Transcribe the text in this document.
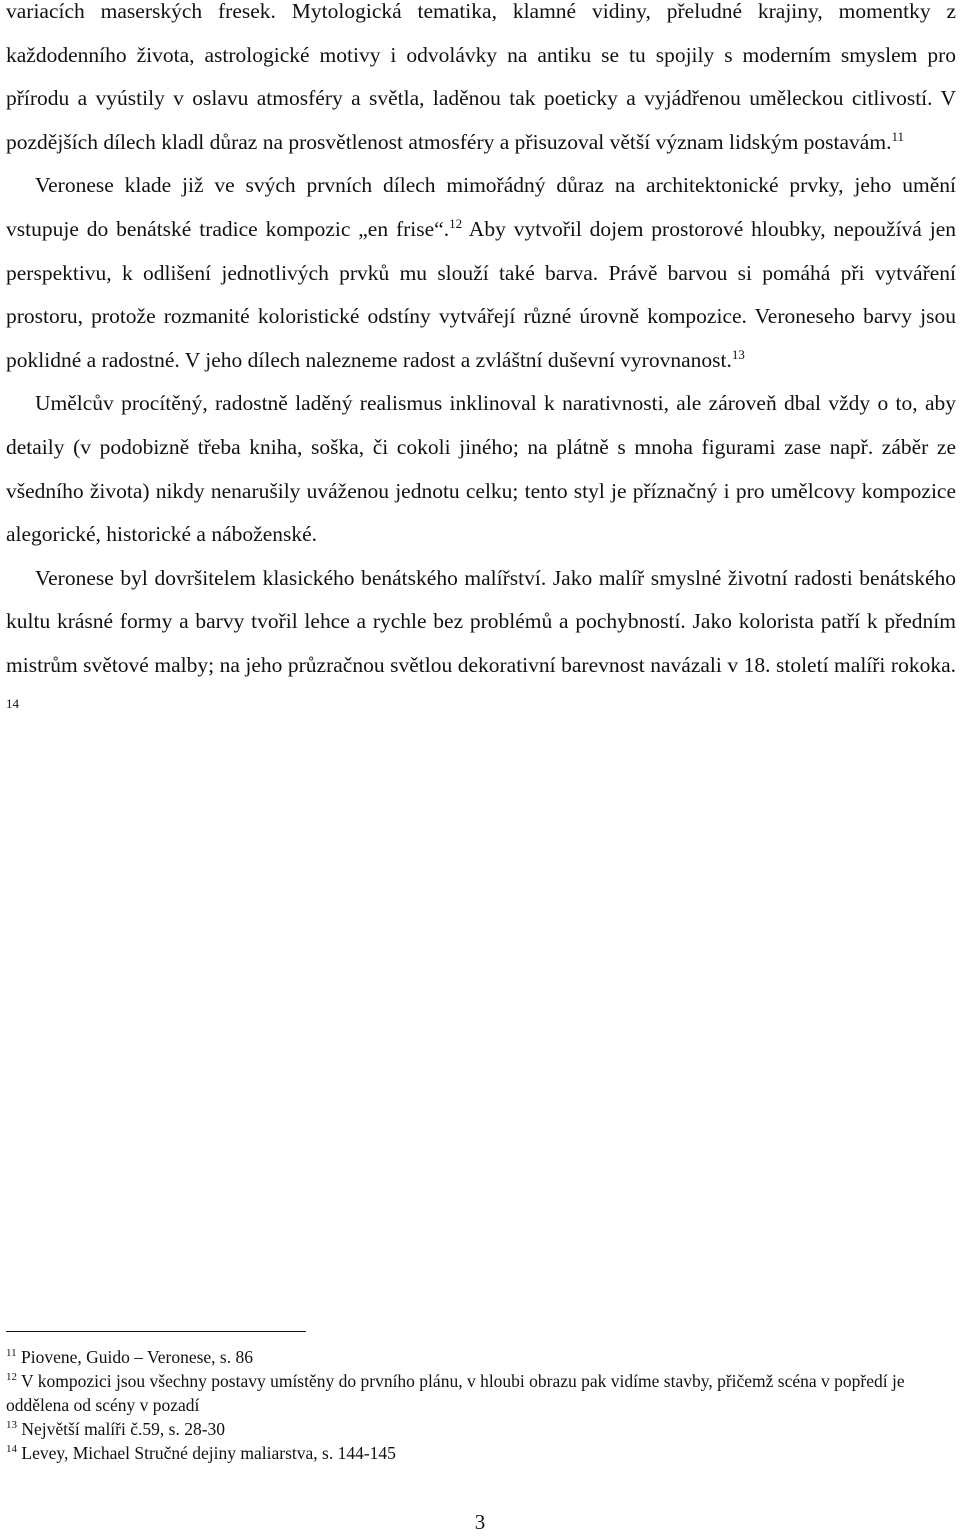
variacích maserských fresek. Mytologická tematika, klamné vidiny, přeludné krajiny, momentky z každodenního života, astrologické motivy i odvolávky na antiku se tu spojily s moderním smyslem pro přírodu a vyústily v oslavu atmosféry a světla, laděnou tak poeticky a vyjádřenou uměleckou citlivostí. V pozdějších dílech kladl důraz na prosvětlenost atmosféry a přisuzoval větší význam lidským postavám.$^{11}$

Veronese klade již ve svých prvních dílech mimořádný důraz na architektonické prvky, jeho umění vstupuje do benátské tradice kompozic „en frise“.$^{12}$ Aby vytvořil dojem prostorové hloubky, nepoužívá jen perspektivu, k odlišení jednotlivých prvků mu slouží také barva. Právě barvou si pomáhá při vytváření prostoru, protože rozmanité koloristické odstíny vytvářejí různé úrovně kompozice. Veroneseho barvy jsou poklidné a radostné. V jeho dílech nalezneme radost a zvláštní duševní vyrovnanost.$^{13}$

Umělcův procítěný, radostně laděný realismus inklinoval k narativnosti, ale zároveň dbal vždy o to, aby detaily (v podobizně třeba kniha, soška, či cokoli jiného; na plátně s mnoha figurami zase např. záběr ze všedního života) nikdy nenarušily uváženou jednotu celku; tento styl je příznačný i pro umělcovy kompozice alegorické, historické a náboženské.

Veronese byl dovršitelem klasického benátského malířství. Jako malíř smyslné životní radosti benátského kultu krásné formy a barvy tvořil lehce a rychle bez problémů a pochybností. Jako kolorista patří k předním mistrům světové malby; na jeho průzračnou světlou dekorativní barevnost navázali v 18. století malíři rokoka. $^{14}$

$^{11}$ Piovene, Guido – Veronese, s. 86

$^{12}$ V kompozici jsou všechny postavy umístěny do prvního plánu, v hloubi obrazu pak vidíme stavby, přičemž scéna v popředí je oddělena od scény v pozadí

$^{13}$ Největší malíři č.59, s. 28-30

$^{14}$ Levey, Michael Stručné dejiny maliarstva, s. 144-145

3
